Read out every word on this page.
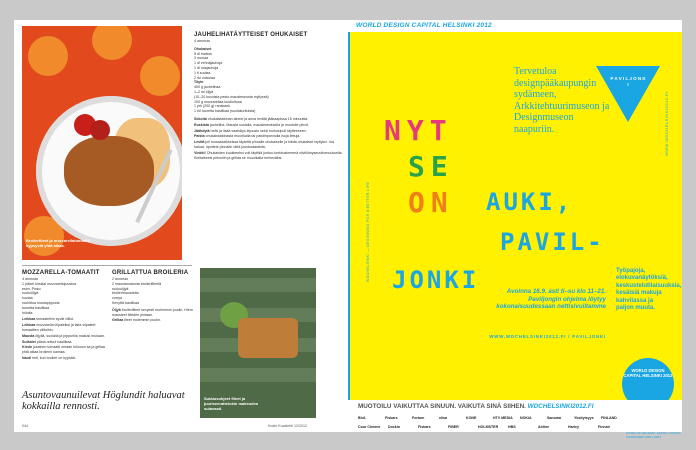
Broilerfileet ja mozzarellatomaatit kypsyvät yhtä aikaa.
JAUHELIHATÄYTTEISET OHUKAISET
4 annosta
Ohukaiset
5 dl maitoa
3 munaa
1 dl vehnäjauhoja
1 dl ruisjauhoja
1 tl suolaa
2 rkl voisulaa
Täyte
400 g jauhelihaa
1–2 rkl öljyä
(10–20 kovoista pesto-mausteseosta myllyssä)
100 g mozzarellaa kuutioituna
1 prk (200 g) ranskank.
1 rkl tuoretta basilikaa (suolakurkuista)

Sekoita ohukaistaikinan aineet ja anna levätä jääkaapissa 15 minuuttia.

Ruskista jauheliha. Mausta suolalla, mausteseoksella ja muotoile pihvit.

Jäähdytä hetki ja lisää vaahdtys lejuusto sekä ruohosipuli täytteeseen.

Paista ohukaistaikinasta muurikalla tai paistinpannulla isoja lettuja.

Levitä joil runsaskaikkeissa täytettä pinnalle ohukaiselle ja kieda ohukaiset myllyksi. Jos haluat, ripottele pinnalle vielä juustoraasteita.

Vinkki! Ohukaisten kuukkeeksi voit täyttää juntoo-kerkkusiemenä siivilöimyseuuttomuuksella. Kieltalseesi pekoniin ja grillaa se muurikalla meheväksi.

MOZZARELLA-TOMAATIT
4 annosta
1 pikkel kirsikal mozzarellojuustoa
esim. Pinko
ruokoöljyä
suolaa
rouhittua mustapippuria
tuoretta basilikaa
folioita

Leikkaa tomaateihin syvät viillot.

Leikkaa mozzarella viipaleiksi ja laita viipaleet tomaattien viiltoihin.

Mausta öljyllä, suolalla ja pippurilla makusi mukaan.

Sulkalet pästa reiluut basilikaa.

Kiedo jokainen tomaatti omaan foliooon sa ja grillaa yhtä aikaa broilerin kanssa.

Nauti heti, kun broileri on kypsää.

GRILLATTUA BROILERIA
2 annosta
2 maustamatonta broilerifileetä
ruokoöljyä
broilerimaustetta
currya
Kevyttä basilikaa

Öljyä broilerifileet kevyesti molemmin puolin. Hiero mausteet fileiden pintaan.

Grillaa fileet molemmin puolin.

Sulatusohjeet fileet ja juuriseerattelokin makeuden sulavasti.
Asuntovaunuilevat Höglundit haluavat kokkailla rennosti.
044	Kodin Kuvalehti 12/2012
WORLD DESIGN CAPITAL HELSINKI 2012
Tervetuloa designpääkaupungin sydämeen, Arkkitehtuurimuseon ja Designmuseon naapuriin.
P A V I L J O N K I
NYT
SE
ON AUKI,
PAVIL-
JONKI
WWW.WDCHELSINKI2012.FI
WDCHELSINKI — DESIGNING FOR A BETTER LIFE	Työpajoja, elokuvanäytöksiä, keskustelutilaisuuksia, kesäisiä makuja kahvilassa ja paljon muuta.
Avoinna 16.9. asti ti–su klo 11–21. Paviljongin ohjelma löytyy kokonaisuudessaan nettisivuiltamme
WWW.WDCHELSINKI2012.FI / PAVILJONKI
WORLD DESIGN CAPITAL HELSINKI 2012
MUOTOILU VAIKUTTAA SINUUN. VAIKUTA SINÄ SIIHEN. WDCHELSINKI2012.FI
Blu1	Fiskars	Fortum	elisa	KONE	HTV MEDIA NOKIA	Sanoma	Yksityisyys FINLAND
Cour Chemie Dockin	Fiskars	FIBER	HOLMSTER	HBS	Airline	Harley	Finnair
CITIES OF HELSINKI, ESPOO, VANTAA, KAUNIAINEN AND LAHTI
